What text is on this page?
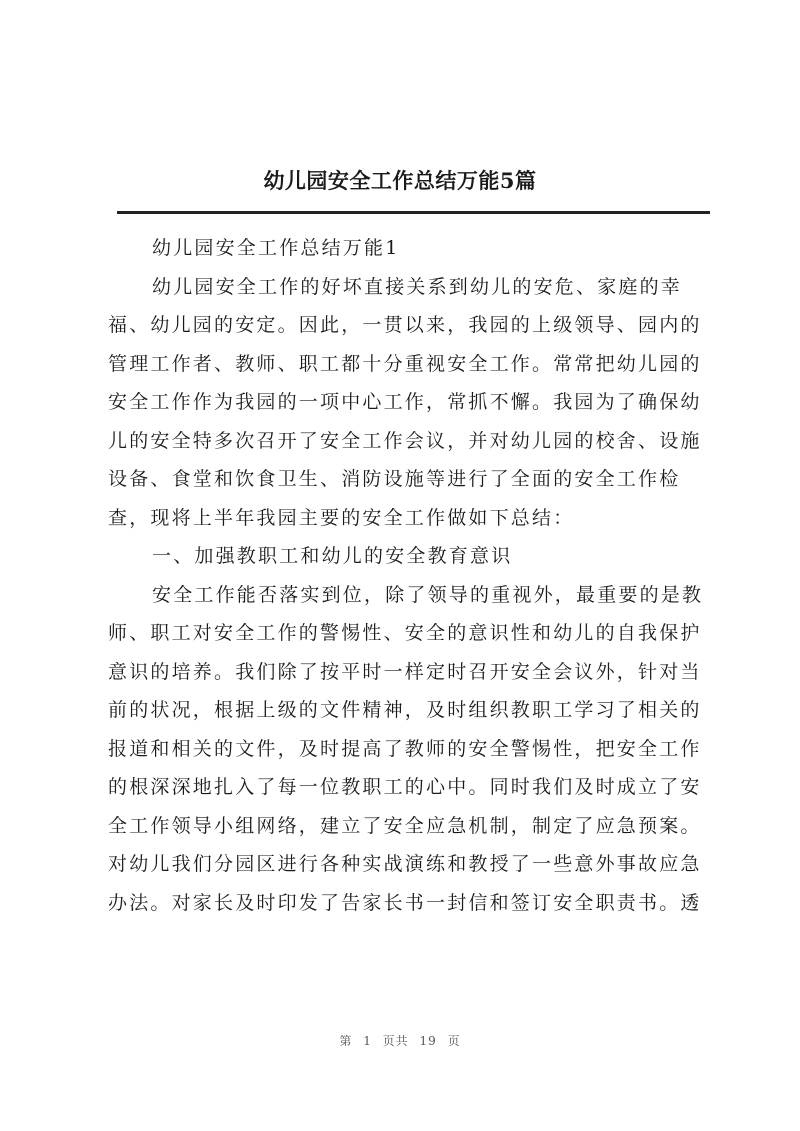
幼儿园安全工作总结万能5篇
幼儿园安全工作总结万能1
幼儿园安全工作的好坏直接关系到幼儿的安危、家庭的幸
福、幼儿园的安定。因此，一贯以来，我园的上级领导、园内的
管理工作者、教师、职工都十分重视安全工作。常常把幼儿园的
安全工作作为我园的一项中心工作，常抓不懈。我园为了确保幼
儿的安全特多次召开了安全工作会议，并对幼儿园的校舍、设施
设备、食堂和饮食卫生、消防设施等进行了全面的安全工作检
查，现将上半年我园主要的安全工作做如下总结：
一、加强教职工和幼儿的安全教育意识
安全工作能否落实到位，除了领导的重视外，最重要的是教
师、职工对安全工作的警惕性、安全的意识性和幼儿的自我保护
意识的培养。我们除了按平时一样定时召开安全会议外，针对当
前的状况，根据上级的文件精神，及时组织教职工学习了相关的
报道和相关的文件，及时提高了教师的安全警惕性，把安全工作
的根深深地扎入了每一位教职工的心中。同时我们及时成立了安
全工作领导小组网络，建立了安全应急机制，制定了应急预案。
对幼儿我们分园区进行各种实战演练和教授了一些意外事故应急
办法。对家长及时印发了告家长书一封信和签订安全职责书。透
第 1 页共 19 页
